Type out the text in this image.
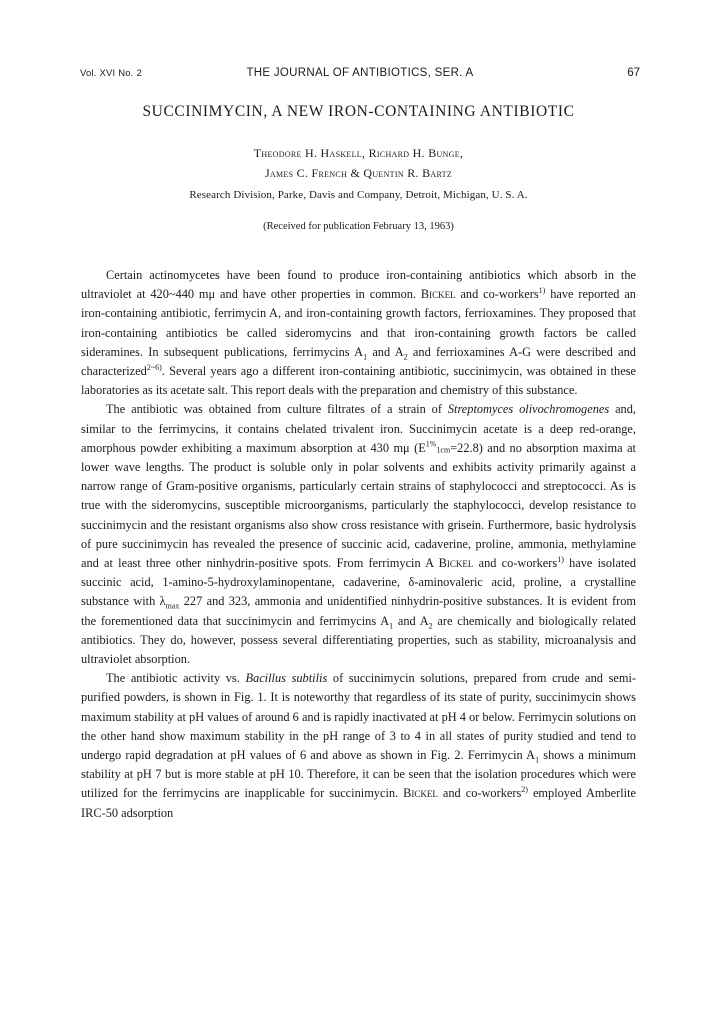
Vol. XVI No. 2	THE JOURNAL OF ANTIBIOTICS, SER. A	67
SUCCINIMYCIN, A NEW IRON-CONTAINING ANTIBIOTIC
Theodore H. Haskell, Richard H. Bunge,
James C. French & Quentin R. Bartz
Research Division, Parke, Davis and Company, Detroit, Michigan, U. S. A.
(Received for publication February 13, 1963)

Certain actinomycetes have been found to produce iron-containing antibiotics which absorb in the ultraviolet at 420~440 mμ and have other properties in common. Bickel and co-workers$^{1)}$ have reported an iron-containing antibiotic, ferrimycin A, and iron-containing growth factors, ferrioxamines. They proposed that iron-containing antibiotics be called sideromycins and that iron-containing growth factors be called sideramines. In subsequent publications, ferrimycins $A_1$ and $A_2$ and ferrioxamines A-G were described and characterized$^{2\sim 6)}$. Several years ago a different iron-containing antibiotic, succinimycin, was obtained in these laboratories as its acetate salt. This report deals with the preparation and chemistry of this substance.

The antibiotic was obtained from culture filtrates of a strain of Streptomyces olivochromogenes and, similar to the ferrimycins, it contains chelated trivalent iron. Succinimycin acetate is a deep red-orange, amorphous powder exhibiting a maximum absorption at 430 mμ $(E^{1\%}_{1cm}=22.8)$ and no absorption maxima at lower wave lengths. The product is soluble only in polar solvents and exhibits activity primarily against a narrow range of Gram-positive organisms, particularly certain strains of staphylococci and streptococci. As is true with the sideromycins, susceptible microorganisms, particularly the staphylococci, develop resistance to succinimycin and the resistant organisms also show cross resistance with grisein. Furthermore, basic hydrolysis of pure succinimycin has revealed the presence of succinic acid, cadaverine, proline, ammonia, methylamine and at least three other ninhydrin-positive spots. From ferrimycin A Bickel and co-workers$^{1)}$ have isolated succinic acid, 1-amino-5-hydroxylaminopentane, cadaverine, δ-aminovaleric acid, proline, a crystalline substance with $\lambda_{max}$ 227 and 323, ammonia and unidentified ninhydrin-positive substances. It is evident from the forementioned data that succinimycin and ferrimycins $A_1$ and $A_2$ are chemically and biologically related antibiotics. They do, however, possess several differentiating properties, such as stability, microanalysis and ultraviolet absorption.

The antibiotic activity vs. Bacillus subtilis of succinimycin solutions, prepared from crude and semi-purified powders, is shown in Fig. 1. It is noteworthy that regardless of its state of purity, succinimycin shows maximum stability at pH values of around 6 and is rapidly inactivated at pH 4 or below. Ferrimycin solutions on the other hand show maximum stability in the pH range of 3 to 4 in all states of purity studied and tend to undergo rapid degradation at pH values of 6 and above as shown in Fig. 2. Ferrimycin $A_1$ shows a minimum stability at pH 7 but is more stable at pH 10. Therefore, it can be seen that the isolation procedures which were utilized for the ferrimycins are inapplicable for succinimycin. Bickel and co-workers$^{2)}$ employed Amberlite IRC-50 adsorption
